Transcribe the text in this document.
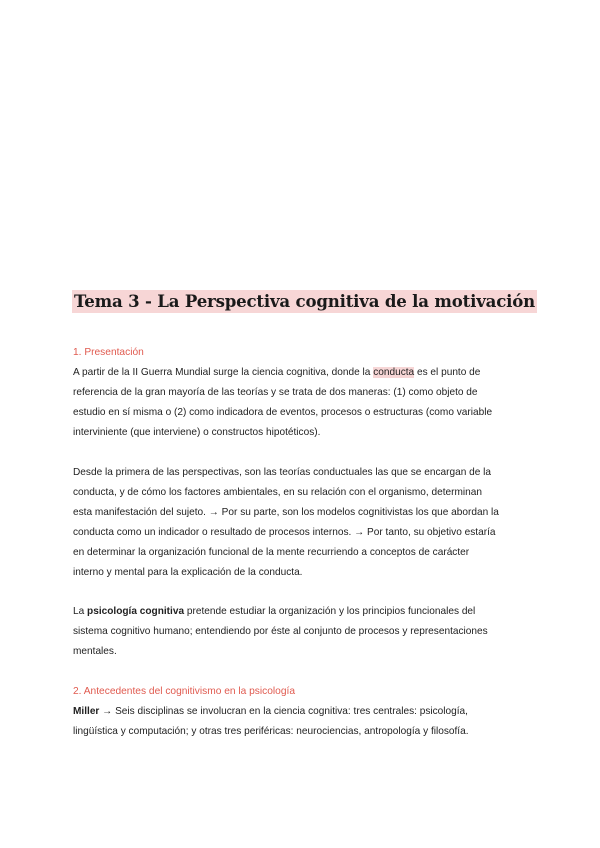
Tema 3 - La Perspectiva cognitiva de la motivación
1. Presentación

A partir de la II Guerra Mundial surge la ciencia cognitiva, donde la conducta es el punto de
referencia de la gran mayoría de las teorías y se trata de dos maneras: (1) como objeto de
estudio en sí misma o (2) como indicadora de eventos, procesos o estructuras (como variable
interviniente (que interviene) o constructos hipotéticos).

Desde la primera de las perspectivas, son las teorías conductuales las que se encargan de la
conducta, y de cómo los factores ambientales, en su relación con el organismo, determinan
esta manifestación del sujeto. → Por su parte, son los modelos cognitivistas los que abordan la
conducta como un indicador o resultado de procesos internos. → Por tanto, su objetivo estaría
en determinar la organización funcional de la mente recurriendo a conceptos de carácter
interno y mental para la explicación de la conducta.

La psicología cognitiva pretende estudiar la organización y los principios funcionales del
sistema cognitivo humano; entendiendo por éste al conjunto de procesos y representaciones
mentales.

2. Antecedentes del cognitivismo en la psicología

Miller → Seis disciplinas se involucran en la ciencia cognitiva: tres centrales: psicología,
lingüística y computación; y otras tres periféricas: neurociencias, antropología y filosofía.
